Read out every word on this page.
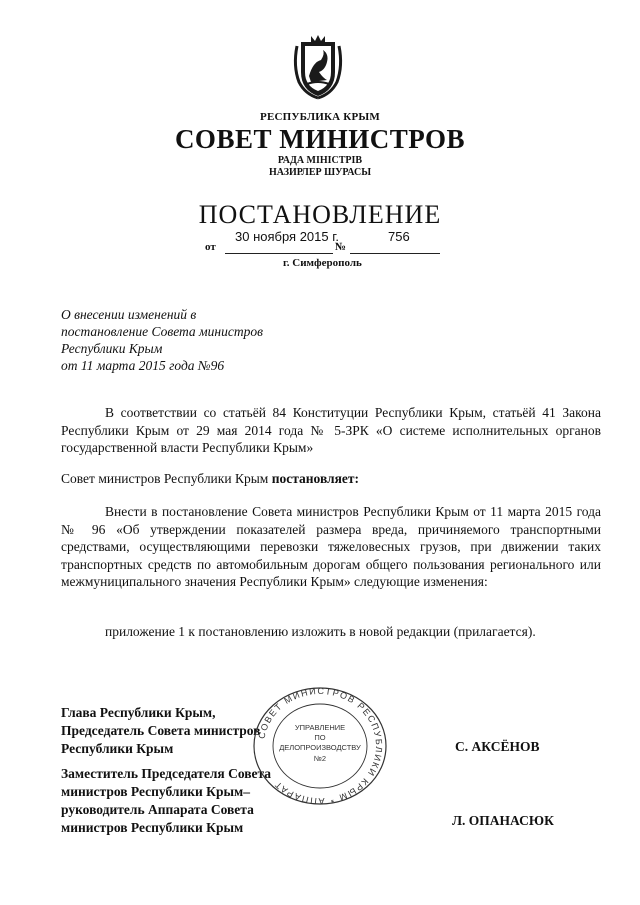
РЕСПУБЛИКА КРЫМ
СОВЕТ МИНИСТРОВ
РАДА МІНІСТРІВ
НАЗИРЛЕР ШУРАСЫ
ПОСТАНОВЛЕНИЕ
от
30 ноября 2015 г.
№
756
г. Симферополь
О внесении изменений в
постановление Совета министров
Республики Крым
от 11 марта 2015 года №96
В соответствии со статьёй 84 Конституции Республики Крым, статьёй 41 Закона Республики Крым от 29 мая 2014 года № 5-ЗРК «О системе исполнительных органов государственной власти Республики Крым»
Совет министров Республики Крым постановляет:
Внести в постановление Совета министров Республики Крым от 11 марта 2015 года № 96 «Об утверждении показателей размера вреда, причиняемого транспортными средствами, осуществляющими перевозки тяжеловесных грузов, при движении таких транспортных средств по автомобильным дорогам общего пользования регионального или межмуниципального значения Республики Крым» следующие изменения:
приложение 1 к постановлению изложить в новой редакции (прилагается).
Глава Республики Крым,
Председатель Совета министров
Республики Крым	С. АКСЁНОВ
Заместитель Председателя Совета
министров Республики Крым–
руководитель Аппарата Совета
министров Республики Крым	Л. ОПАНАСЮК
СОВЕТ МИНИСТРОВ РЕСПУБЛИКИ КРЫМ * АППАРАТ
УПРАВЛЕНИЕ
ПО
ДЕЛОПРОИЗВОДСТВУ
№2
